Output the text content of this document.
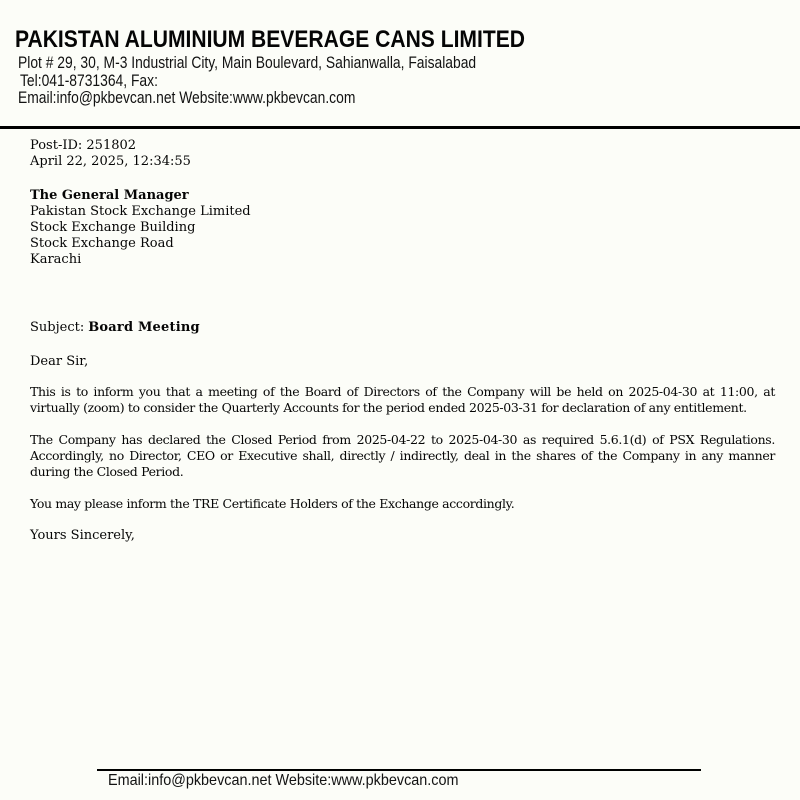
PAKISTAN ALUMINIUM BEVERAGE CANS LIMITED
Plot # 29, 30, M-3 Industrial City, Main Boulevard, Sahianwalla, Faisalabad
Tel:041-8731364, Fax:
Email:info@pkbevcan.net Website:www.pkbevcan.com
Post-ID: 251802
April 22, 2025, 12:34:55
The General Manager
Pakistan Stock Exchange Limited
Stock Exchange Building
Stock Exchange Road
Karachi
Subject: Board Meeting
Dear Sir,
This is to inform you that a meeting of the Board of Directors of the Company will be held on 2025-04-30 at 11:00, at virtually (zoom) to consider the Quarterly Accounts for the period ended 2025-03-31 for declaration of any entitlement.
The Company has declared the Closed Period from 2025-04-22 to 2025-04-30 as required 5.6.1(d) of PSX Regulations. Accordingly, no Director, CEO or Executive shall, directly / indirectly, deal in the shares of the Company in any manner during the Closed Period.
You may please inform the TRE Certificate Holders of the Exchange accordingly.
Yours Sincerely,
Email:info@pkbevcan.net Website:www.pkbevcan.com
